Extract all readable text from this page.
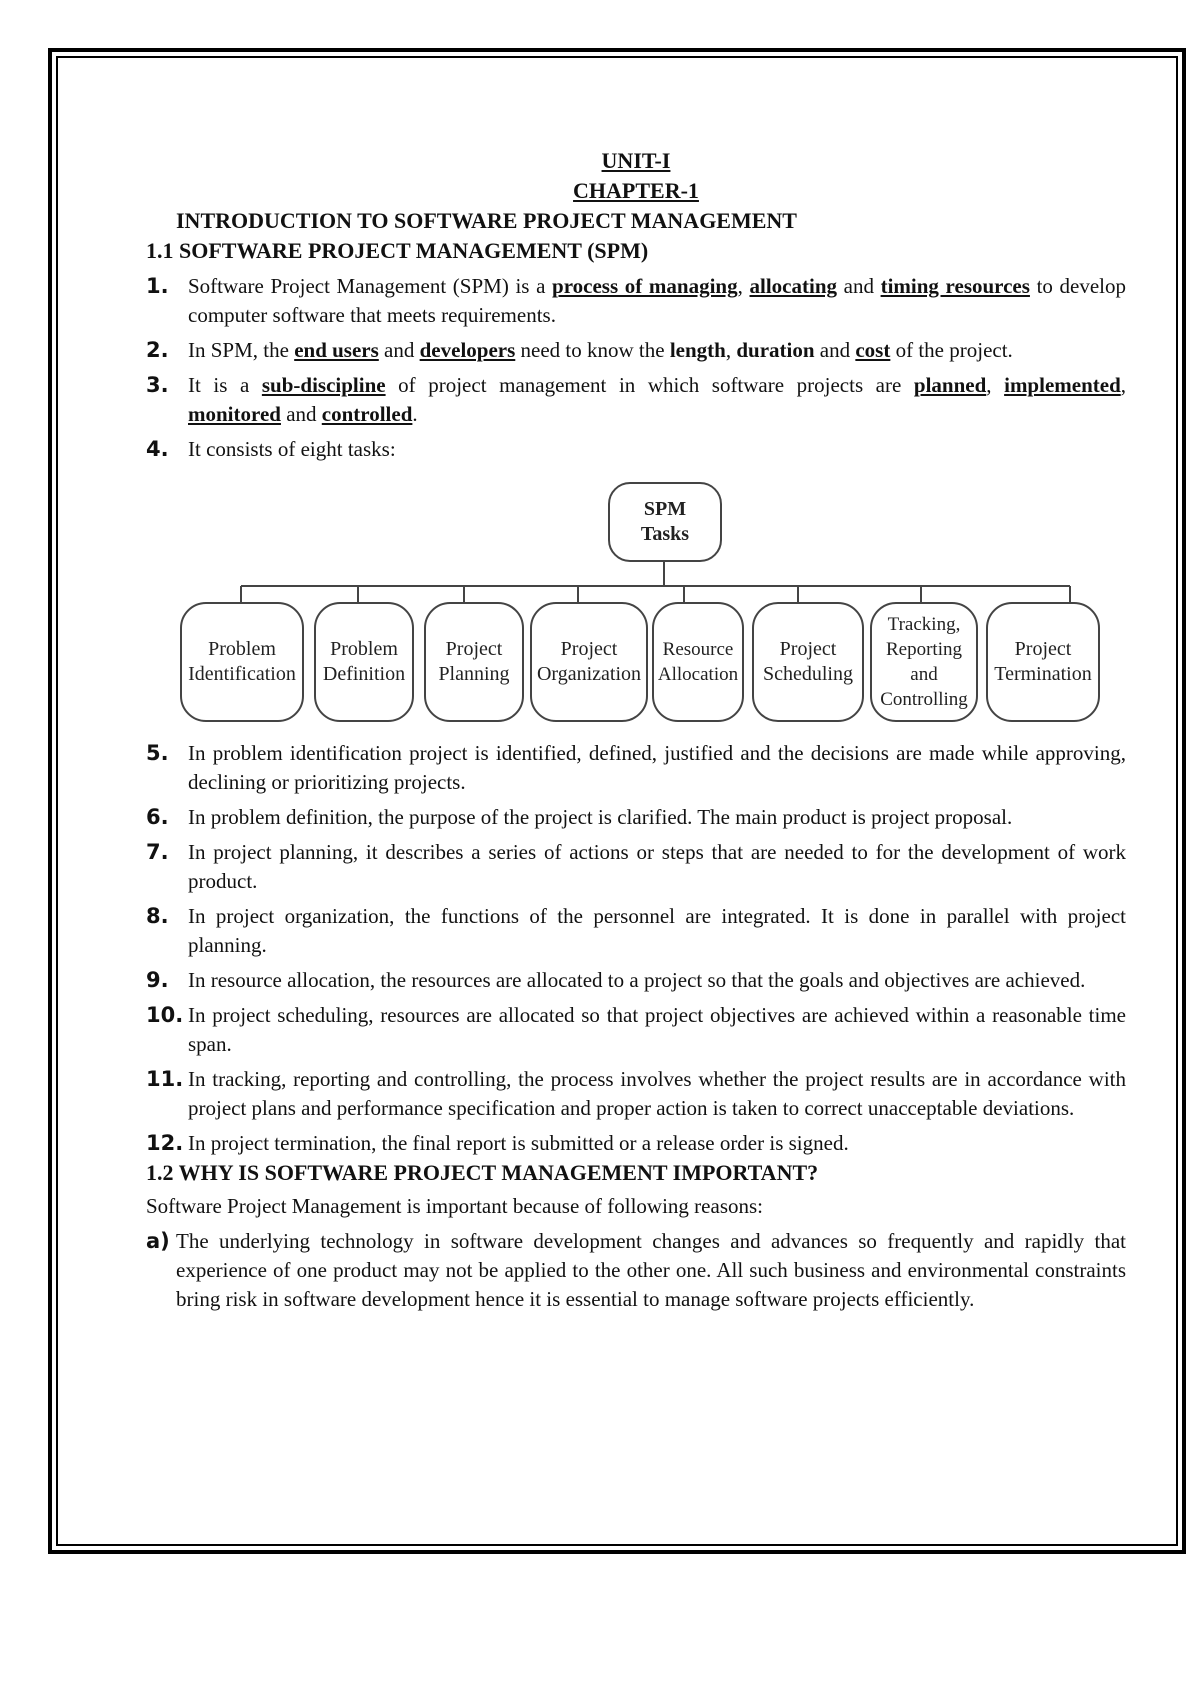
UNIT-I
CHAPTER-1
INTRODUCTION TO SOFTWARE PROJECT MANAGEMENT
1.1 SOFTWARE PROJECT MANAGEMENT (SPM)
1. Software Project Management (SPM) is a process of managing, allocating and timing resources to develop computer software that meets requirements.
2. In SPM, the end users and developers need to know the length, duration and cost of the project.
3. It is a sub-discipline of project management in which software projects are planned, implemented, monitored and controlled.
4. It consists of eight tasks:
SPM Tasks
Problem Identification
Problem Definition
Project Planning
Project Organization
Resource Allocation
Project Scheduling
Tracking, Reporting and Controlling
Project Termination
5. In problem identification project is identified, defined, justified and the decisions are made while approving, declining or prioritizing projects.
6. In problem definition, the purpose of the project is clarified. The main product is project proposal.
7. In project planning, it describes a series of actions or steps that are needed to for the development of work product.
8. In project organization, the functions of the personnel are integrated. It is done in parallel with project planning.
9. In resource allocation, the resources are allocated to a project so that the goals and objectives are achieved.
10. In project scheduling, resources are allocated so that project objectives are achieved within a reasonable time span.
11. In tracking, reporting and controlling, the process involves whether the project results are in accordance with project plans and performance specification and proper action is taken to correct unacceptable deviations.
12. In project termination, the final report is submitted or a release order is signed.
1.2 WHY IS SOFTWARE PROJECT MANAGEMENT IMPORTANT?
Software Project Management is important because of following reasons:
a) The underlying technology in software development changes and advances so frequently and rapidly that experience of one product may not be applied to the other one. All such business and environmental constraints bring risk in software development hence it is essential to manage software projects efficiently.
